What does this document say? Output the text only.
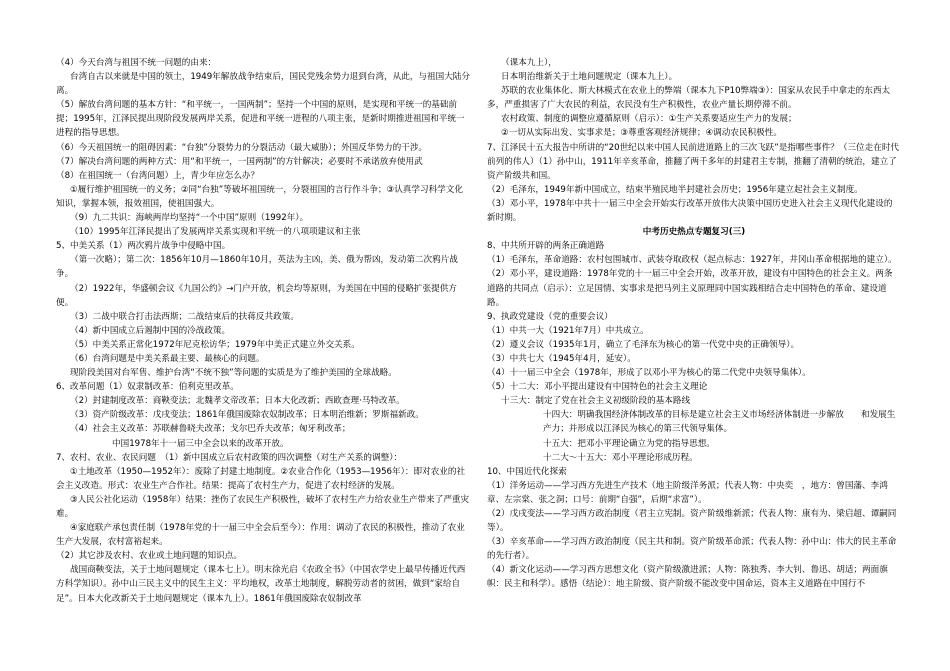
（4）今天台湾与祖国不统一问题的由来：

台湾自古以来就是中国的领土，1949年解放战争结束后，国民党残余势力退到台湾，从此，与祖国大陆分离。

（5）解放台湾问题的基本方针：“和平统一，一国两制”；坚持一个中国的原则，是实现和平统一的基础前提；1995年，江泽民提出现阶段发展两岸关系，促进和平统一进程的八项主张，是新时期推进祖国和平统一进程的指导思想。

（6）今天祖国统一的阻碍因素：“台独”分裂势力的分裂活动（最大威胁）；外国反华势力的干涉。

（7）解决台湾问题的两种方式：用“和平统一，一国两制”的方针解决；必要时不承诺放弃使用武

（8）在祖国统一（台湾问题）上，青少年应怎么办？

①履行维护祖国统一的义务；②同“台独”等破坏祖国统一，分裂祖国的言行作斗争；③认真学习科学文化知识，掌握本领，报效祖国，使祖国强大。

（9）九二共识：海峡两岸均坚持“一个中国”原则（1992年）。

（10）1995年江泽民提出了发展两岸关系实现和平统一的八项项建议和主张

5、中美关系（1）两次鸦片战争中侵略中国。

（第一次略）；第二次：1856年10月—1860年10月，英法为主凶，美、俄为帮凶，发动第二次鸦片战争。

（2）1922年，华盛顿会议《九国公约》→门户开放，机会均等原则，为美国在中国的侵略扩张提供方便。

（3）二战中联合打击法西斯；二战结束后的扶蒋反共政策。

（4）新中国成立后遏制中国的冷战政策。

（5）中美关系正常化1972年尼克松访华；1979年中美正式建立外交关系。

（6）台湾问题是中美关系最主要、最核心的问题。

现阶段美国对台军售、维护台湾“不统不独”等问题的实质是为了维护美国的全球战略。

6、改革问题（1）奴隶制改革：伯利克里改革。

（2）封建制度改革：商鞅变法；北魏孝文帝改革；日本大化改新；西欧查理·马特改革。

（3）资产阶级改革：戊戌变法；1861年俄国废除农奴制改革；日本明治维新；罗斯福新政。

（4）社会主义改革：苏联赫鲁晓夫改革；戈尔巴乔夫改革；匈牙利改革；

中国1978年十一届三中全会以来的改革开放。

7、农村、农业、农民问题　（1）新中国成立后农村政策的四次调整（对生产关系的调整）：

①土地改革（1950—1952年）：废除了封建土地制度。②农业合作化（1953—1956年）：即对农业的社会主义改造。形式：农业生产合作社。结果：提高了农村生产力，促进了农村经济的发展。

③人民公社化运动（1958年）结果：挫伤了农民生产积极性，破坏了农村生产力给农业生产带来了严重灾难。

④家庭联产承包责任制（1978年党的十一届三中全会后至今）：作用：调动了农民的积极性，推动了农业生产大发展，农村富裕起来。

（2）其它涉及农村、农业或土地问题的知识点。

战国商鞅变法，关于土地问题规定（课本七上）。明末徐光启《农政全书》（中国农学史上最早传播近代西方科学知识）。孙中山三民主义中的民生主义：平均地权，改革土地制度，解脱劳动者的贫困，做到“家给自足”。日本大化改新关于土地问题规定（课本九上）。1861年俄国废除农奴制改革

（课本九上），

日本明治维新关于土地问题规定（课本九上）。

苏联的农业集体化、斯大林模式在农业上的弊端（课本九下P10弊端③）：国家从农民手中拿走的东西太多，严重损害了广大农民的利益，农民没有生产积极性，农业产量长期停滞不前。

农村政策、制度的调整应遵循原则（启示）：①生产关系要适应生产力的发展；

②一切从实际出发、实事求是；③尊重客观经济规律；④调动农民积极性。

7、江泽民十五大报告中所讲的“20世纪以来中国人民前进道路上的三次飞跃”是指哪些事件？（三位走在时代前列的伟人）（1）孙中山，1911年辛亥革命，推翻了两千多年的封建君主专制，推翻了清朝的统治，建立了资产阶级共和国。

（2）毛泽东，1949年新中国成立，结束半殖民地半封建社会历史；1956年建立起社会主义制度。

（3）邓小平，1978年中共十一届三中全会开始实行改革开放伟大决策中国历史进入社会主义现代化建设的新时期。

中考历史热点专题复习(三)

8、中共所开辟的两条正确道路

（1）毛泽东，革命道路：农村包围城市、武装夺取政权（起点标志：1927年，井冈山革命根据地的建立）。

（2）邓小平，建设道路：1978年党的十一届三中全会开始，改革开放，建设有中国特色的社会主义。两条道路的共同点（启示）：立足国情、实事求是把马列主义原理同中国实践相结合走中国特色的革命、建设道路。

9、执政党建设（党的重要会议）

（1）中共一大（1921年7月）中共成立。

（2）遵义会议（1935年1月，确立了毛泽东为核心的第一代党中央的正确领导）。

（3）中共七大（1945年4月，延安）。

（4）十一届三中全会（1978年，形成了以邓小平为核心的第二代党中央领导集体）。

（5）十二大：邓小平提出建设有中国特色的社会主义理论

十三大：制定了党在社会主义初级阶段的基本路线

十四大：明确我国经济体制改革的目标是建立社会主义市场经济体制进一步解放　　和发展生产力；并形成以江泽民为核心的第三代领导集体。

十五大：把邓小平理论确立为党的指导思想。

十二大～十五大：邓小平理论形成历程。

10、中国近代化探索

（1）洋务运动——学习西方先进生产技术（地主阶级洋务派；代表人物：中央奕　，地方：曾国藩、李鸿章、左宗棠、张之洞；口号：前期“自强”，后期“求富”）。

（2）戊戌变法——学习西方政治制度（君主立宪制。资产阶级维新派；代表人物：康有为、梁启超、谭嗣同等）。

（3）辛亥革命——学习西方政治制度（民主共和制。资产阶级革命派；代表人物：孙中山：伟大的民主革命的先行者）。

（4）新文化运动——学习西方思想文化（资产阶级激进派；人物：陈独秀、李大钊、鲁迅、胡适；两面旗帜：民主和科学）。感悟（结论）：地主阶级、资产阶级不能改变中国命运，资本主义道路在中国行不
